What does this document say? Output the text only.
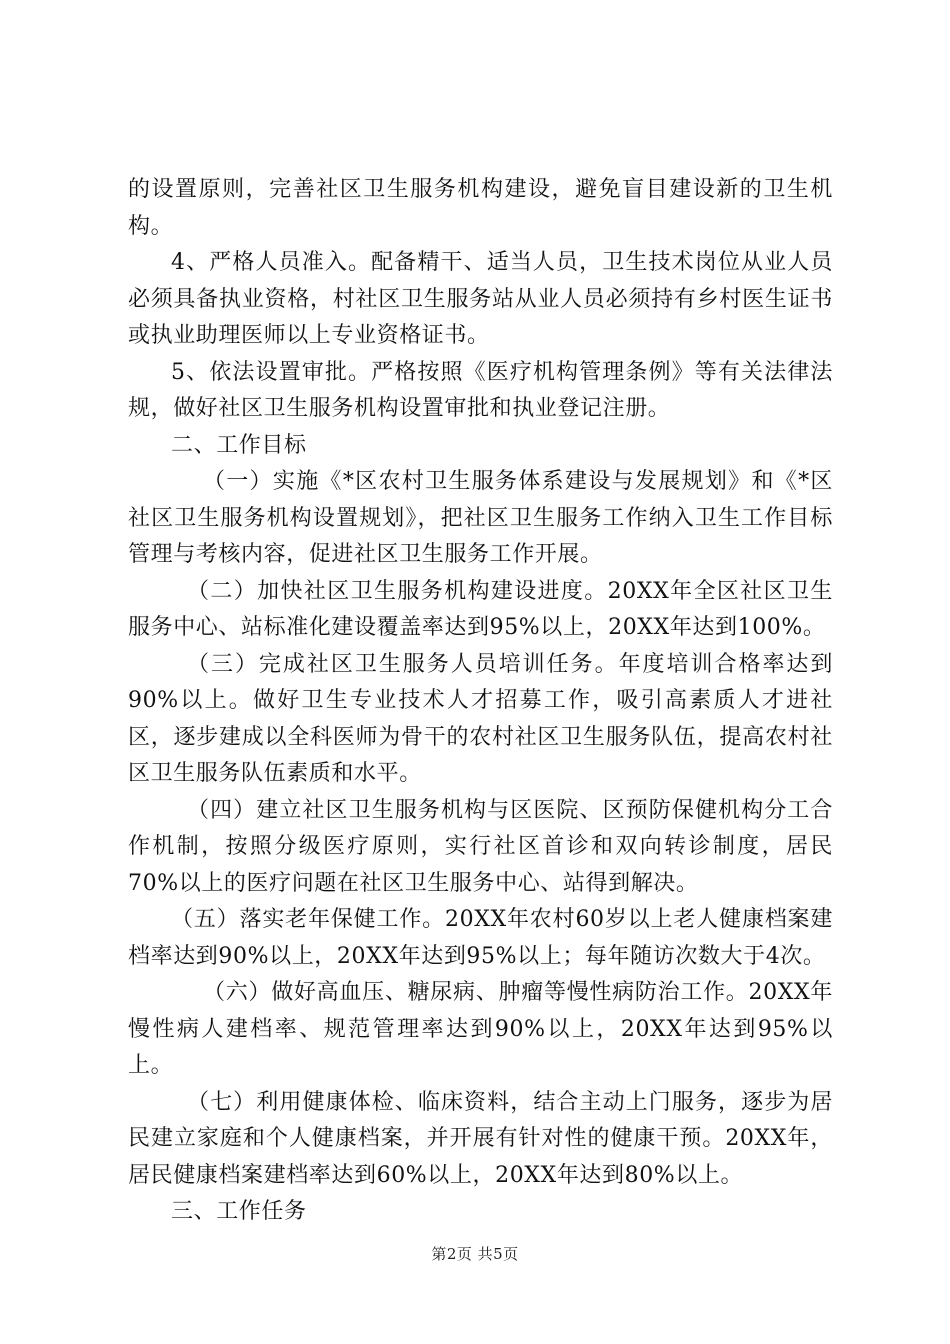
的设置原则，完善社区卫生服务机构建设，避免盲目建设新的卫生机构。

4、严格人员准入。配备精干、适当人员，卫生技术岗位从业人员必须具备执业资格，村社区卫生服务站从业人员必须持有乡村医生证书或执业助理医师以上专业资格证书。

5、依法设置审批。严格按照《医疗机构管理条例》等有关法律法规，做好社区卫生服务机构设置审批和执业登记注册。

二、工作目标

（一）实施《*区农村卫生服务体系建设与发展规划》和《*区社区卫生服务机构设置规划》，把社区卫生服务工作纳入卫生工作目标管理与考核内容，促进社区卫生服务工作开展。

（二）加快社区卫生服务机构建设进度。20XX年全区社区卫生服务中心、站标准化建设覆盖率达到95%以上，20XX年达到100%。

（三）完成社区卫生服务人员培训任务。年度培训合格率达到90%以上。做好卫生专业技术人才招募工作，吸引高素质人才进社区，逐步建成以全科医师为骨干的农村社区卫生服务队伍，提高农村社区卫生服务队伍素质和水平。

（四）建立社区卫生服务机构与区医院、区预防保健机构分工合作机制，按照分级医疗原则，实行社区首诊和双向转诊制度，居民70%以上的医疗问题在社区卫生服务中心、站得到解决。

（五）落实老年保健工作。20XX年农村60岁以上老人健康档案建档率达到90%以上，20XX年达到95%以上；每年随访次数大于4次。

（六）做好高血压、糖尿病、肿瘤等慢性病防治工作。20XX年慢性病人建档率、规范管理率达到90%以上，20XX年达到95%以上。

（七）利用健康体检、临床资料，结合主动上门服务，逐步为居民建立家庭和个人健康档案，并开展有针对性的健康干预。20XX年，居民健康档案建档率达到60%以上，20XX年达到80%以上。

三、工作任务

第2页 共5页
